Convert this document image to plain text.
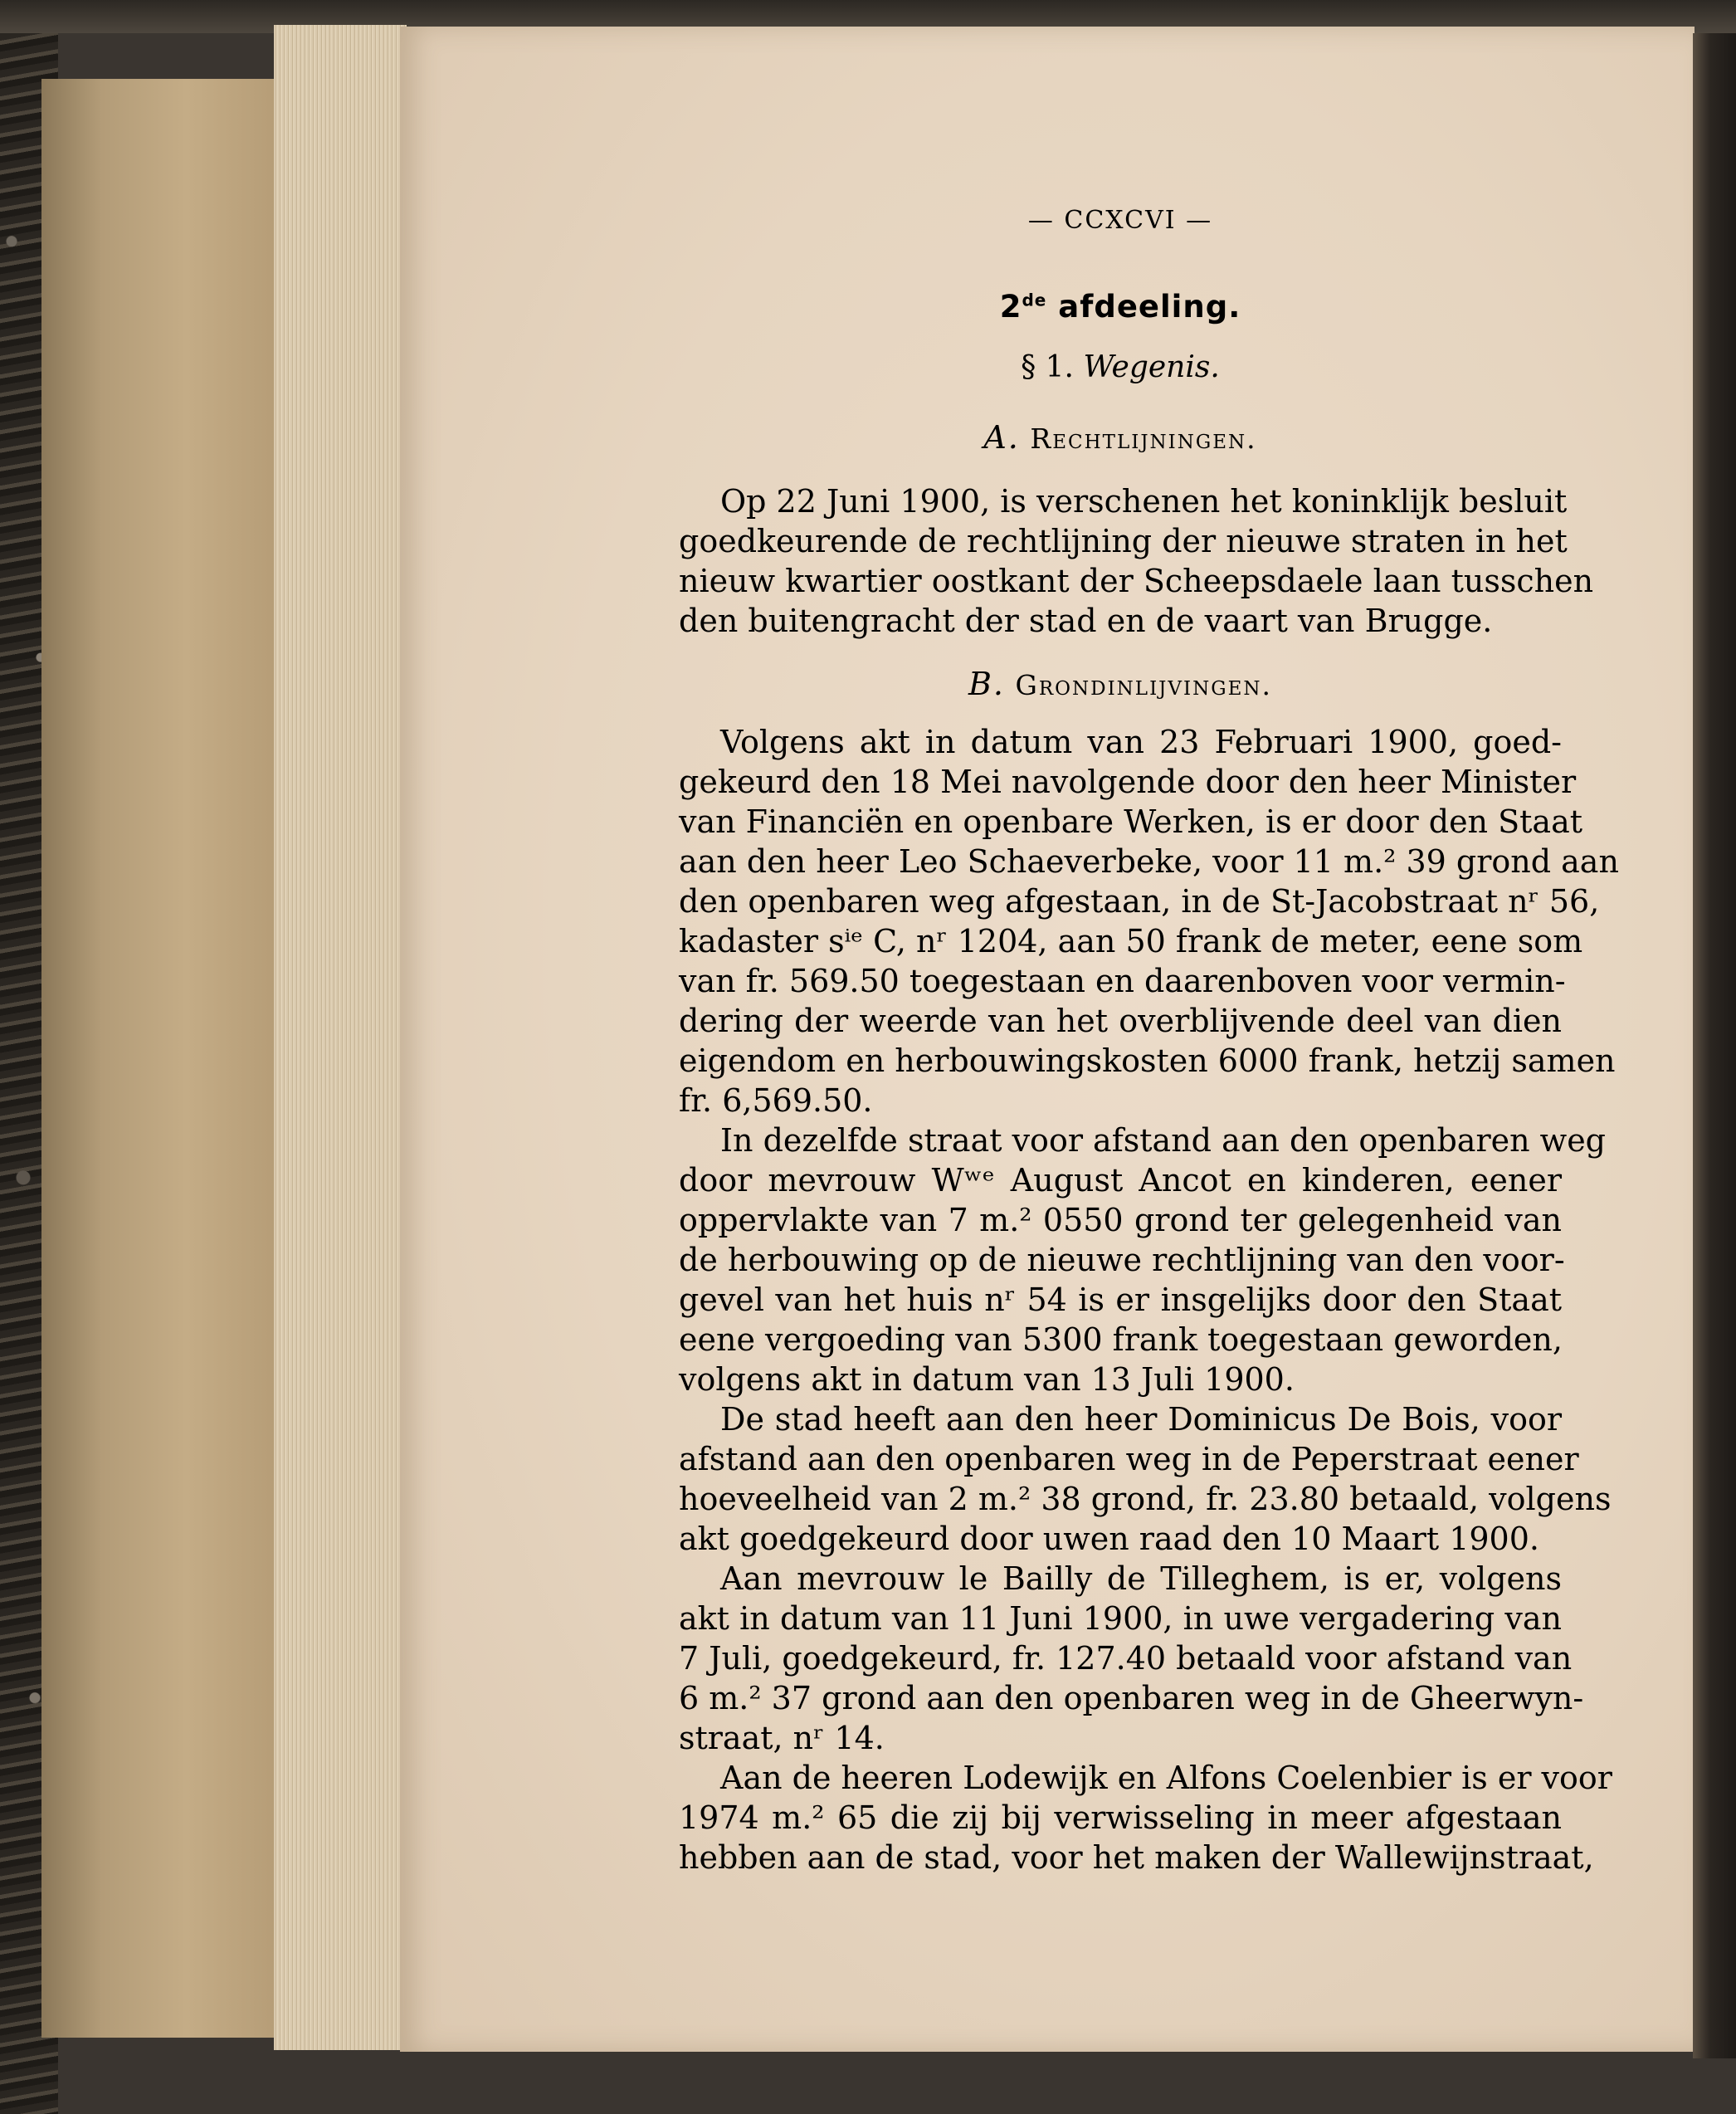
— CCXCVI —
2de afdeeling.
§ 1. Wegenis.
A. Rechtlijningen.
Op 22 Juni 1900, is verschenen het koninklijk besluit
goedkeurende de rechtlijning der nieuwe straten in het
nieuw kwartier oostkant der Scheepsdaele laan tusschen
den buitengracht der stad en de vaart van Brugge.
B. Grondinlijvingen.
Volgens akt in datum van 23 Februari 1900, goed-
gekeurd den 18 Mei navolgende door den heer Minister
van Financiën en openbare Werken, is er door den Staat
aan den heer Leo Schaeverbeke, voor 11 m.² 39 grond aan
den openbaren weg afgestaan, in de St-Jacobstraat nʳ 56,
kadaster sⁱᵉ C, nʳ 1204, aan 50 frank de meter, eene som
van fr. 569.50 toegestaan en daarenboven voor vermin-
dering der weerde van het overblijvende deel van dien
eigendom en herbouwingskosten 6000 frank, hetzij samen
fr. 6,569.50.
In dezelfde straat voor afstand aan den openbaren weg
door mevrouw Wʷᵉ August Ancot en kinderen, eener
oppervlakte van 7 m.² 0550 grond ter gelegenheid van
de herbouwing op de nieuwe rechtlijning van den voor-
gevel van het huis nʳ 54 is er insgelijks door den Staat
eene vergoeding van 5300 frank toegestaan geworden,
volgens akt in datum van 13 Juli 1900.
De stad heeft aan den heer Dominicus De Bois, voor
afstand aan den openbaren weg in de Peperstraat eener
hoeveelheid van 2 m.² 38 grond, fr. 23.80 betaald, volgens
akt goedgekeurd door uwen raad den 10 Maart 1900.
Aan mevrouw le Bailly de Tilleghem, is er, volgens
akt in datum van 11 Juni 1900, in uwe vergadering van
7 Juli, goedgekeurd, fr. 127.40 betaald voor afstand van
6 m.² 37 grond aan den openbaren weg in de Gheerwyn-
straat, nʳ 14.
Aan de heeren Lodewijk en Alfons Coelenbier is er voor
1974 m.² 65 die zij bij verwisseling in meer afgestaan
hebben aan de stad, voor het maken der Wallewijnstraat,
